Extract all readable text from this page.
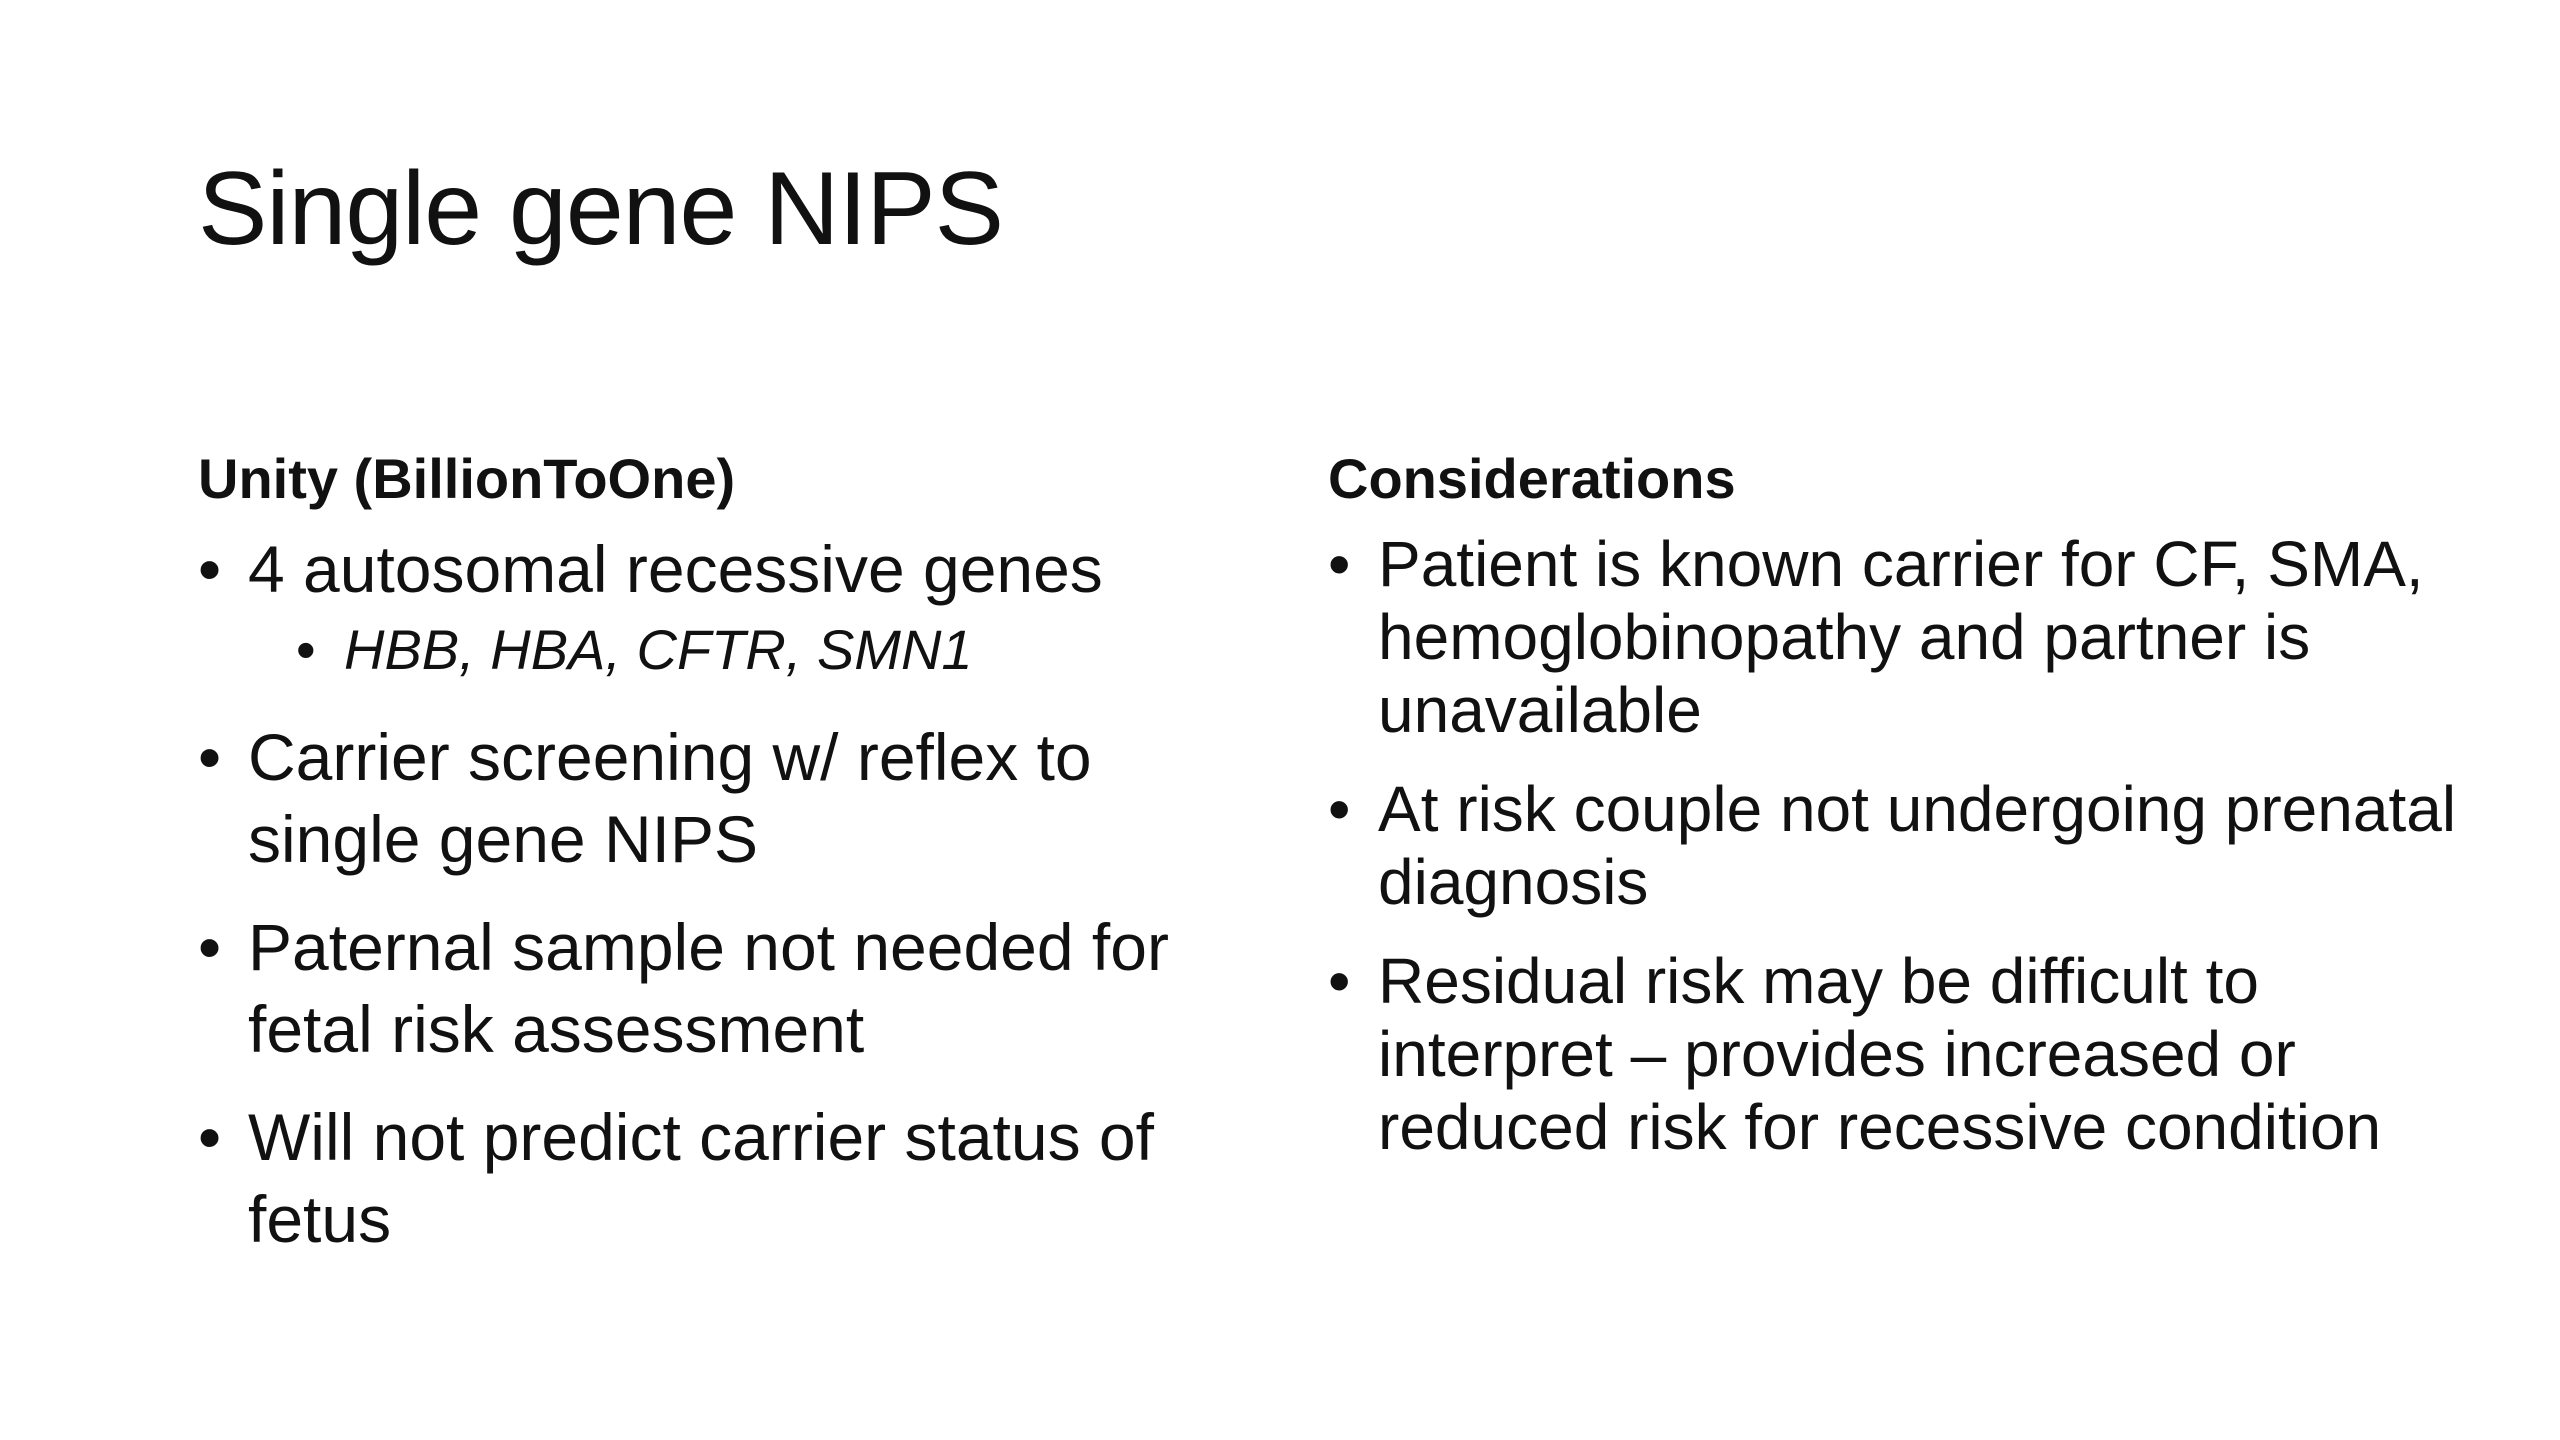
Single gene NIPS
Unity (BillionToOne)
• 4 autosomal recessive genes
• HBB, HBA, CFTR, SMN1
• Carrier screening w/ reflex to single gene NIPS
• Paternal sample not needed for fetal risk assessment
• Will not predict carrier status of fetus
Considerations
• Patient is known carrier for CF, SMA, hemoglobinopathy and partner is unavailable
• At risk couple not undergoing prenatal diagnosis
• Residual risk may be difficult to interpret – provides increased or reduced risk for recessive condition
